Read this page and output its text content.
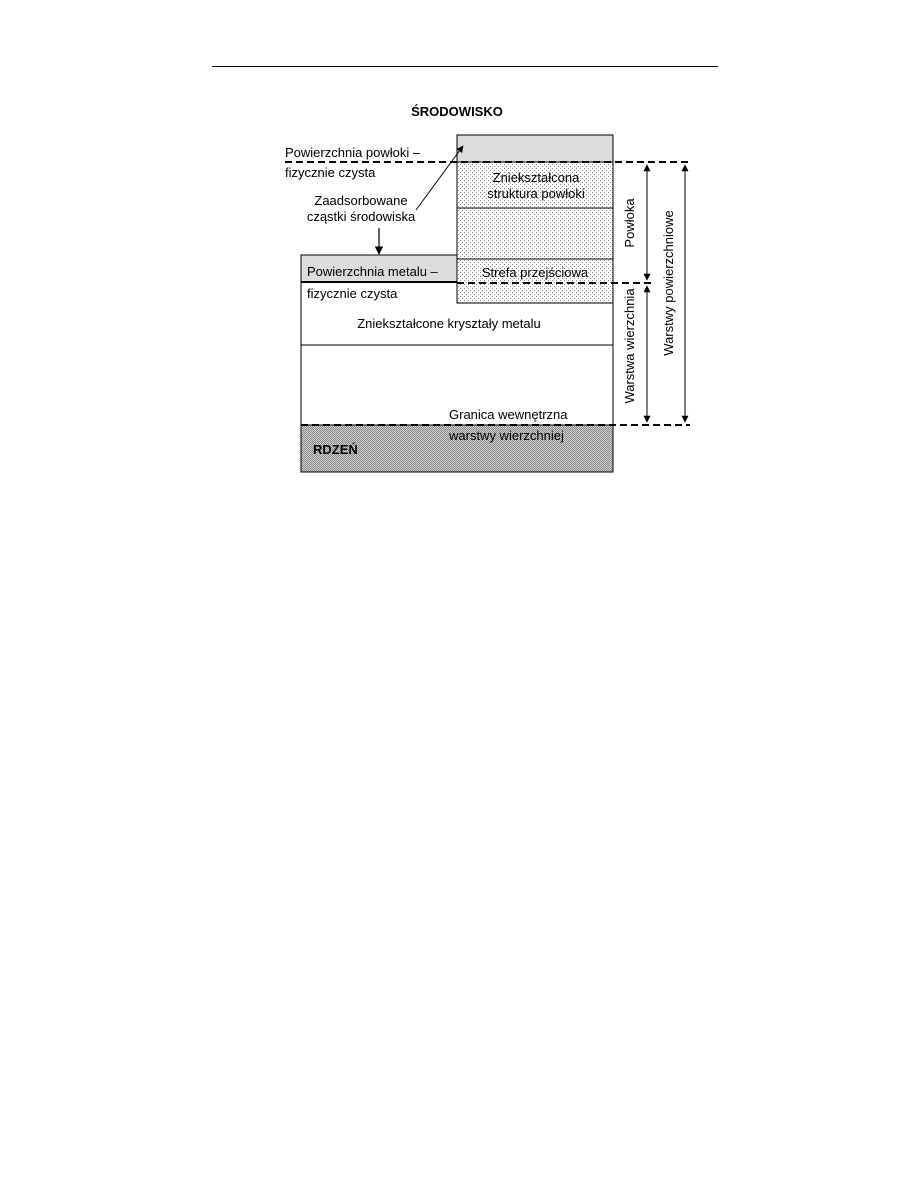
ŚRODOWISKO
Powierzchnia powłoki –
fizycznie czysta
Zaadsorbowane
cząstki środowiska
Powierzchnia metalu –
fizycznie czysta
Zniekształcona
struktura powłoki
Strefa przejściowa
Zniekształcone kryształy metalu
Granica wewnętrzna
warstwy wierzchniej
RDZEŃ
Powłoka
Warstwa wierzchnia Warstwy powierzchniowe
